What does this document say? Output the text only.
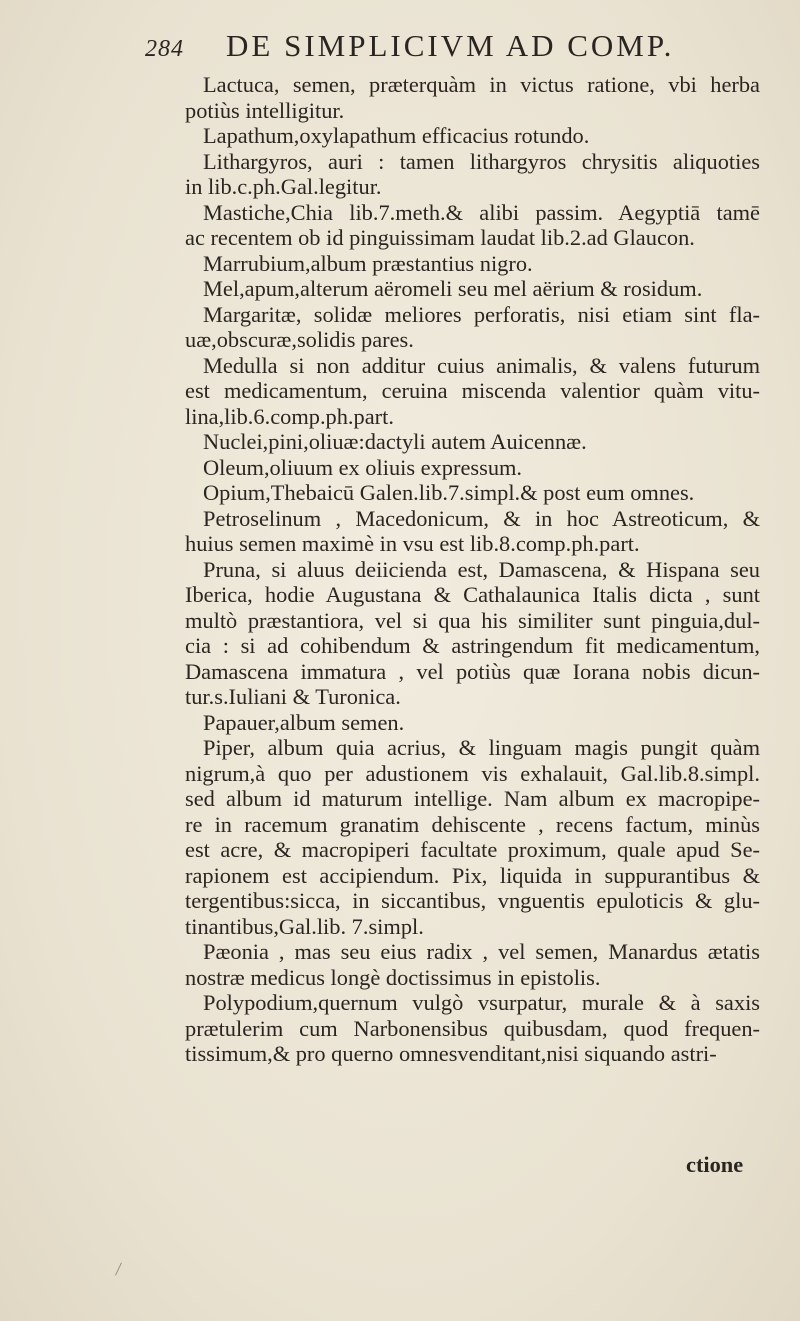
284 DE SIMPLICIVM AD COMP.
Lactuca, semen, præterquàm in victus ratione, vbi herba
potiùs intelligitur.
Lapathum,oxylapathum efficacius rotundo.
Lithargyros, auri : tamen lithargyros chrysitis aliquoties
in lib.c.ph.Gal.legitur.
Mastiche,Chia lib.7.meth.& alibi passim. Aegyptiā tamē
ac recentem ob id pinguissimam laudat lib.2.ad Glaucon.
Marrubium,album præstantius nigro.
Mel,apum,alterum aëromeli seu mel aërium & rosidum.
Margaritæ, solidæ meliores perforatis, nisi etiam sint fla-
uæ,obscuræ,solidis pares.
Medulla si non additur cuius animalis, & valens futurum
est medicamentum, ceruina miscenda valentior quàm vitu-
lina,lib.6.comp.ph.part.
Nuclei,pini,oliuæ:dactyli autem Auicennæ.
Oleum,oliuum ex oliuis expressum.
Opium,Thebaicū Galen.lib.7.simpl.& post eum omnes.
Petroselinum , Macedonicum, & in hoc Astreoticum, &
huius semen maximè in vsu est lib.8.comp.ph.part.
Pruna, si aluus deiicienda est, Damascena, & Hispana seu
Iberica, hodie Augustana & Cathalaunica Italis dicta , sunt
multò præstantiora, vel si qua his similiter sunt pinguia,dul-
cia : si ad cohibendum & astringendum fit medicamentum,
Damascena immatura , vel potiùs quæ Iorana nobis dicun-
tur.s.Iuliani & Turonica.
Papauer,album semen.
Piper, album quia acrius, & linguam magis pungit quàm
nigrum,à quo per adustionem vis exhalauit, Gal.lib.8.simpl.
sed album id maturum intellige. Nam album ex macropipe-
re in racemum granatim dehiscente , recens factum, minùs
est acre, & macropiperi facultate proximum, quale apud Se-
rapionem est accipiendum. Pix, liquida in suppurantibus &
tergentibus:sicca, in siccantibus, vnguentis epuloticis & glu-
tinantibus,Gal.lib. 7.simpl.
Pæonia , mas seu eius radix , vel semen, Manardus ætatis
nostræ medicus longè doctissimus in epistolis.
Polypodium,quernum vulgò vsurpatur, murale & à saxis
prætulerim cum Narbonensibus quibusdam, quod frequen-
tissimum,& pro querno omnesvenditant,nisi siquando astri-
ctione
